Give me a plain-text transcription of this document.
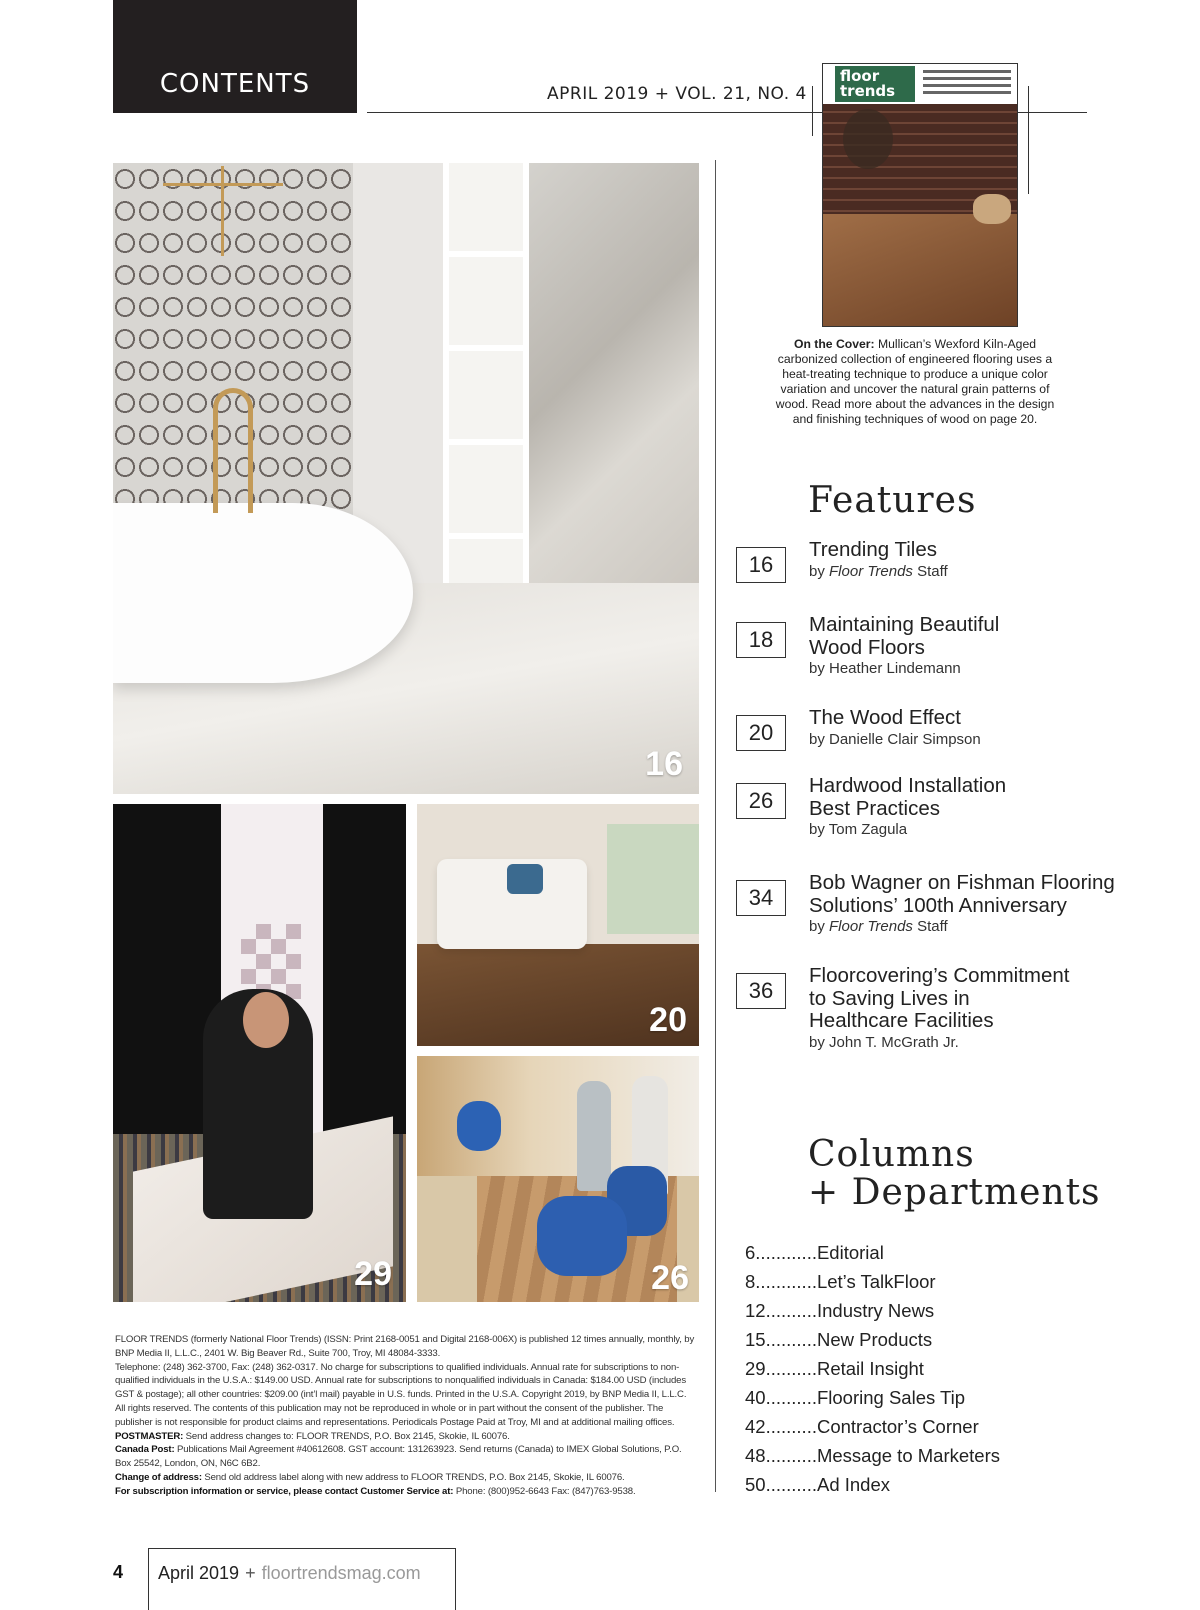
CONTENTS	APRIL 2019 + VOL. 21, NO. 4
floor
trends
On the Cover: Mullican’s Wexford Kiln-Aged carbonized collection of engineered flooring uses a heat-treating technique to produce a unique color variation and uncover the natural grain patterns of wood. Read more about the advances in the design and finishing techniques of wood on page 20.
16
29
20
26

FLOOR TRENDS (formerly National Floor Trends) (ISSN: Print 2168-0051 and Digital 2168-006X) is published 12 times annually, monthly, by BNP Media II, L.L.C., 2401 W. Big Beaver Rd., Suite 700, Troy, MI 48084-3333.

Telephone: (248) 362-3700, Fax: (248) 362-0317. No charge for subscriptions to qualified individuals. Annual rate for subscriptions to non-qualified individuals in the U.S.A.: $149.00 USD. Annual rate for subscriptions to nonqualified individuals in Canada: $184.00 USD (includes GST & postage); all other countries: $209.00 (int’l mail) payable in U.S. funds. Printed in the U.S.A. Copyright 2019, by BNP Media II, L.L.C. All rights reserved. The contents of this publication may not be reproduced in whole or in part without the consent of the publisher. The publisher is not responsible for product claims and representations. Periodicals Postage Paid at Troy, MI and at additional mailing offices.

POSTMASTER: Send address changes to: FLOOR TRENDS, P.O. Box 2145, Skokie, IL 60076.

Canada Post: Publications Mail Agreement #40612608. GST account: 131263923. Send returns (Canada) to IMEX Global Solutions, P.O. Box 25542, London, ON, N6C 6B2.

Change of address: Send old address label along with new address to FLOOR TRENDS, P.O. Box 2145, Skokie, IL 60076.

For subscription information or service, please contact Customer Service at: Phone: (800)952-6643 Fax: (847)763-9538.

Features
16
Trending Tiles
by Floor Trends Staff
18
Maintaining Beautiful Wood Floors
by Heather Lindemann
20
The Wood Effect
by Danielle Clair Simpson
26
Hardwood Installation Best Practices
by Tom Zagula
34
Bob Wagner on Fishman Flooring Solutions’ 100th Anniversary
by Floor Trends Staff
36
Floorcovering’s Commitment to Saving Lives in Healthcare Facilities
by John T. McGrath Jr.
Columns
+ Departments
6............Editorial
8............Let’s TalkFloor
12..........Industry News
15..........New Products
29..........Retail Insight
40..........Flooring Sales Tip
42..........Contractor’s Corner
48..........Message to Marketers
50..........Ad Index
4	April 2019 + floortrendsmag.com
